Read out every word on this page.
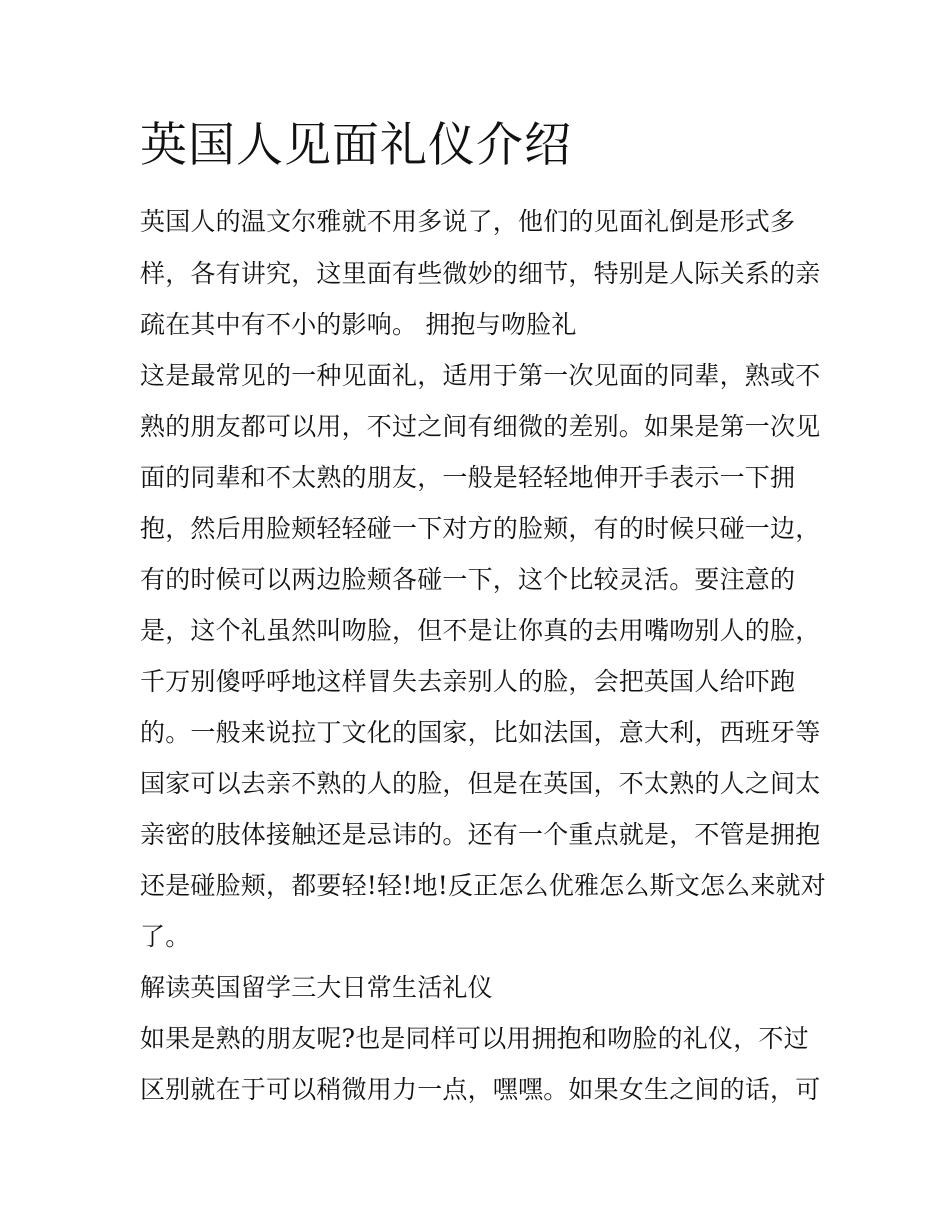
英国人见面礼仪介绍

英国人的温文尔雅就不用多说了，他们的见面礼倒是形式多

样，各有讲究，这里面有些微妙的细节，特别是人际关系的亲

疏在其中有不小的影响。 拥抱与吻脸礼

这是最常见的一种见面礼，适用于第一次见面的同辈，熟或不

熟的朋友都可以用，不过之间有细微的差别。如果是第一次见

面的同辈和不太熟的朋友，一般是轻轻地伸开手表示一下拥

抱，然后用脸颊轻轻碰一下对方的脸颊，有的时候只碰一边，

有的时候可以两边脸颊各碰一下，这个比较灵活。要注意的

是，这个礼虽然叫吻脸，但不是让你真的去用嘴吻别人的脸，

千万别傻呼呼地这样冒失去亲别人的脸，会把英国人给吓跑

的。一般来说拉丁文化的国家，比如法国，意大利，西班牙等

国家可以去亲不熟的人的脸，但是在英国，不太熟的人之间太

亲密的肢体接触还是忌讳的。还有一个重点就是，不管是拥抱

还是碰脸颊，都要轻!轻!地!反正怎么优雅怎么斯文怎么来就对

了。

解读英国留学三大日常生活礼仪

如果是熟的朋友呢?也是同样可以用拥抱和吻脸的礼仪，不过

区别就在于可以稍微用力一点，嘿嘿。如果女生之间的话，可
